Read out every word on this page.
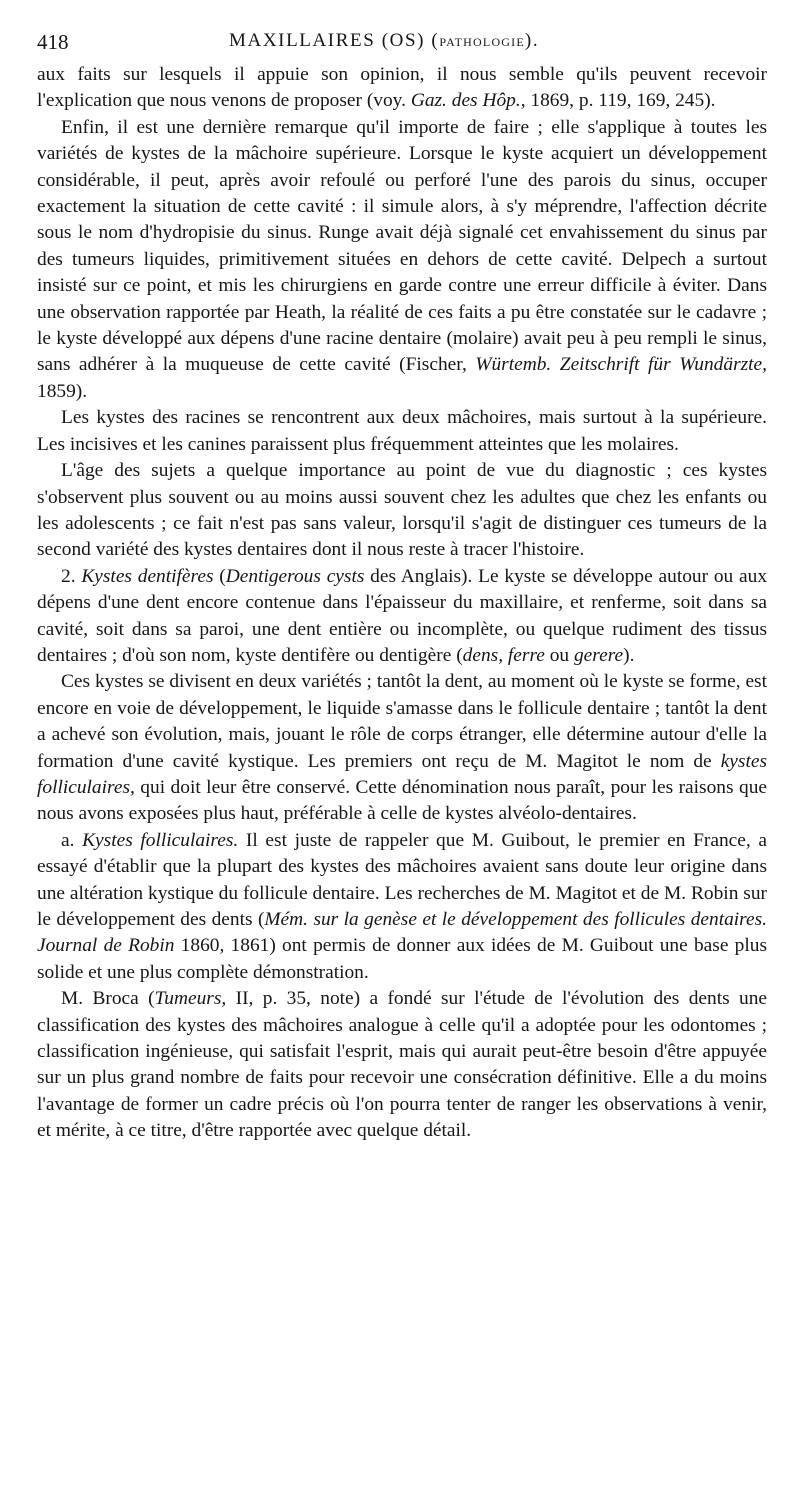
418	MAXILLAIRES (OS) (PATHOLOGIE).

aux faits sur lesquels il appuie son opinion, il nous semble qu'ils peuvent recevoir l'explication que nous venons de proposer (voy. Gaz. des Hôp., 1869, p. 119, 169, 245).

Enfin, il est une dernière remarque qu'il importe de faire ; elle s'applique à toutes les variétés de kystes de la mâchoire supérieure. Lorsque le kyste acquiert un développement considérable, il peut, après avoir refoulé ou perforé l'une des parois du sinus, occuper exactement la situation de cette cavité : il simule alors, à s'y méprendre, l'affection décrite sous le nom d'hydropisie du sinus. Runge avait déjà signalé cet envahissement du sinus par des tumeurs liquides, primitivement situées en dehors de cette cavité. Delpech a surtout insisté sur ce point, et mis les chirurgiens en garde contre une erreur difficile à éviter. Dans une observation rapportée par Heath, la réalité de ces faits a pu être constatée sur le cadavre ; le kyste développé aux dépens d'une racine dentaire (molaire) avait peu à peu rempli le sinus, sans adhérer à la muqueuse de cette cavité (Fischer, Würtemb. Zeitschrift für Wundärzte, 1859).

Les kystes des racines se rencontrent aux deux mâchoires, mais surtout à la supérieure. Les incisives et les canines paraissent plus fréquemment atteintes que les molaires.

L'âge des sujets a quelque importance au point de vue du diagnostic ; ces kystes s'observent plus souvent ou au moins aussi souvent chez les adultes que chez les enfants ou les adolescents ; ce fait n'est pas sans valeur, lorsqu'il s'agit de distinguer ces tumeurs de la second variété des kystes dentaires dont il nous reste à tracer l'histoire.

2. Kystes dentifères (Dentigerous cysts des Anglais). Le kyste se développe autour ou aux dépens d'une dent encore contenue dans l'épaisseur du maxillaire, et renferme, soit dans sa cavité, soit dans sa paroi, une dent entière ou incomplète, ou quelque rudiment des tissus dentaires ; d'où son nom, kyste dentifère ou dentigère (dens, ferre ou gerere).

Ces kystes se divisent en deux variétés ; tantôt la dent, au moment où le kyste se forme, est encore en voie de développement, le liquide s'amasse dans le follicule dentaire ; tantôt la dent a achevé son évolution, mais, jouant le rôle de corps étranger, elle détermine autour d'elle la formation d'une cavité kystique. Les premiers ont reçu de M. Magitot le nom de kystes folliculaires, qui doit leur être conservé. Cette dénomination nous paraît, pour les raisons que nous avons exposées plus haut, préférable à celle de kystes alvéolo-dentaires.

a. Kystes folliculaires. Il est juste de rappeler que M. Guibout, le premier en France, a essayé d'établir que la plupart des kystes des mâchoires avaient sans doute leur origine dans une altération kystique du follicule dentaire. Les recherches de M. Magitot et de M. Robin sur le développement des dents (Mém. sur la genèse et le développement des follicules dentaires. Journal de Robin 1860, 1861) ont permis de donner aux idées de M. Guibout une base plus solide et une plus complète démonstration.

M. Broca (Tumeurs, II, p. 35, note) a fondé sur l'étude de l'évolution des dents une classification des kystes des mâchoires analogue à celle qu'il a adoptée pour les odontomes ; classification ingénieuse, qui satisfait l'esprit, mais qui aurait peut-être besoin d'être appuyée sur un plus grand nombre de faits pour recevoir une consécration définitive. Elle a du moins l'avantage de former un cadre précis où l'on pourra tenter de ranger les observations à venir, et mérite, à ce titre, d'être rapportée avec quelque détail.
